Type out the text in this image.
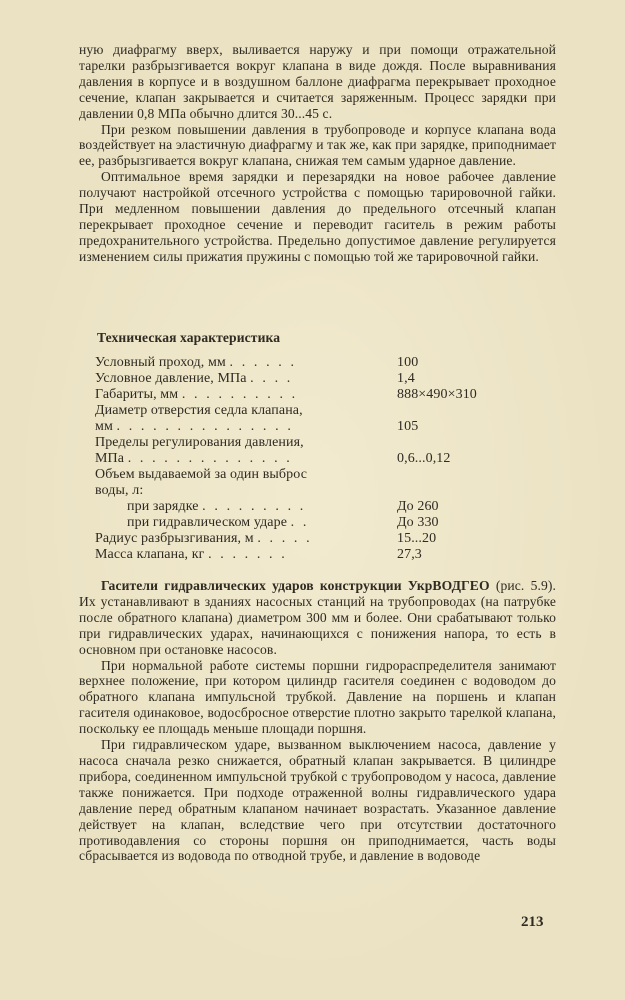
ную диафрагму вверх, выливается наружу и при помощи отражательной тарелки разбрызгивается вокруг клапана в виде дождя. После выравнивания давления в корпусе и в воздушном баллоне диафрагма перекрывает проходное сечение, клапан закрывается и считается заряженным. Процесс зарядки при давлении 0,8 МПа обычно длится 30...45 с.

При резком повышении давления в трубопроводе и корпусе клапана вода воздействует на эластичную диафрагму и так же, как при зарядке, приподнимает ее, разбрызгивается вокруг клапана, снижая тем самым ударное давление.

Оптимальное время зарядки и перезарядки на новое рабочее давление получают настройкой отсечного устройства с помощью тарировочной гайки. При медленном повышении давления до предельного отсечный клапан перекрывает проходное сечение и переводит гаситель в режим работы предохранительного устройства. Предельно допустимое давление регулируется изменением силы прижатия пружины с помощью той же тарировочной гайки.

Техническая характеристика
Условный проход, мм . . . . . .	100
Условное давление, МПа . . . .	1,4
Габариты, мм . . . . . . . . . .	888×490×310
Диаметр отверстия седла клапана,
мм . . . . . . . . . . . . . . .	105
Пределы регулирования давления,
МПа . . . . . . . . . . . . . .	0,6...0,12
Объем выдаваемой за один выброс
воды, л:
при зарядке . . . . . . . . .	До 260
при гидравлическом ударе . .	До 330
Радиус разбрызгивания, м . . . . .	15...20
Масса клапана, кг . . . . . . .	27,3

Гасители гидравлических ударов конструкции УкрВОДГЕО (рис. 5.9). Их устанавливают в зданиях насосных станций на трубопроводах (на патрубке после обратного клапана) диаметром 300 мм и более. Они срабатывают только при гидравлических ударах, начинающихся с понижения напора, то есть в основном при остановке насосов.

При нормальной работе системы поршни гидрораспределителя занимают верхнее положение, при котором цилиндр гасителя соединен с водоводом до обратного клапана импульсной трубкой. Давление на поршень и клапан гасителя одинаковое, водосбросное отверстие плотно закрыто тарелкой клапана, поскольку ее площадь меньше площади поршня.

При гидравлическом ударе, вызванном выключением насоса, давление у насоса сначала резко снижается, обратный клапан закрывается. В цилиндре прибора, соединенном импульсной трубкой с трубопроводом у насоса, давление также понижается. При подходе отраженной волны гидравлического удара давление перед обратным клапаном начинает возрастать. Указанное давление действует на клапан, вследствие чего при отсутствии достаточного противодавления со стороны поршня он приподнимается, часть воды сбрасывается из водовода по отводной трубе, и давление в водоводе

213
